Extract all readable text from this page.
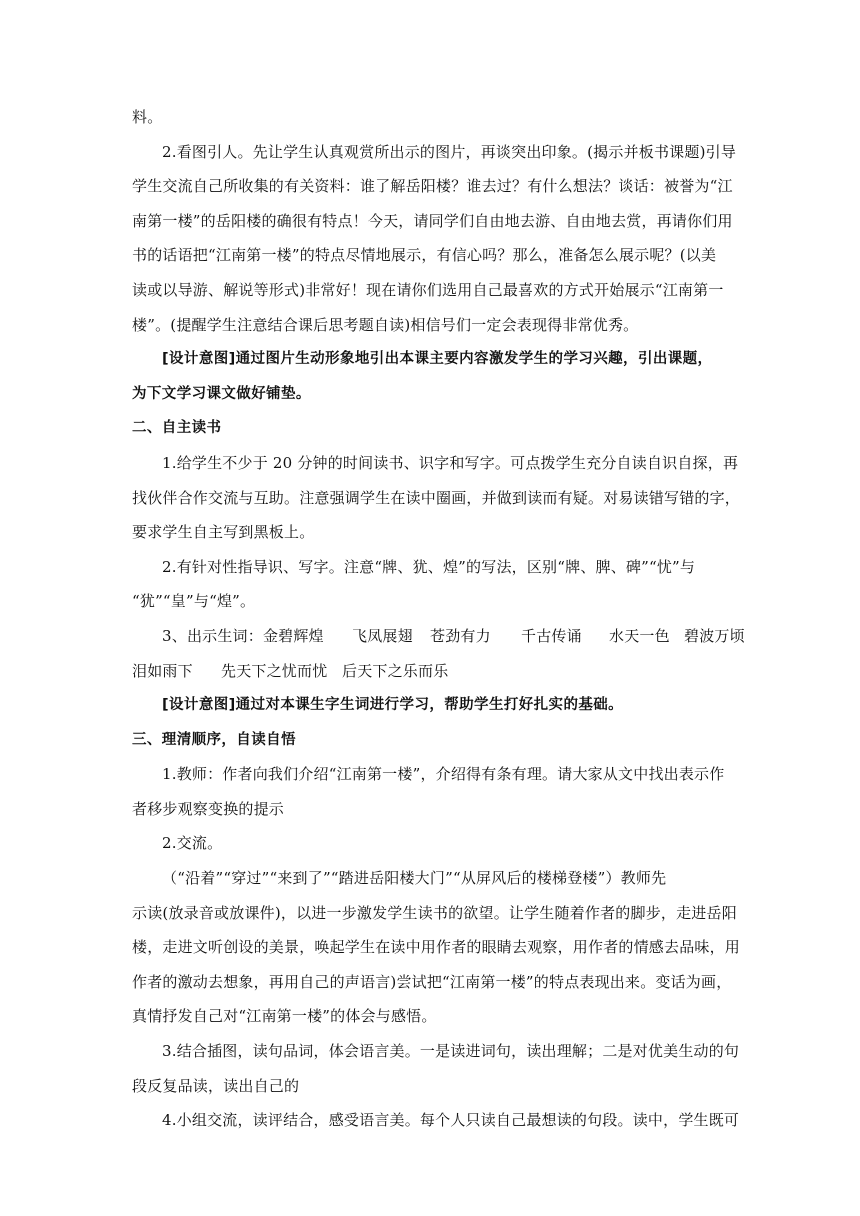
料。
2.看图引人。先让学生认真观赏所出示的图片，再谈突出印象。(揭示并板书课题)引导
学生交流自己所收集的有关资料：谁了解岳阳楼？谁去过？有什么想法？谈话：被誉为“江
南第一楼”的岳阳楼的确很有特点！今天，请同学们自由地去游、自由地去赏，再请你们用
书的话语把“江南第一楼”的特点尽情地展示，有信心吗？那么，准备怎么展示呢？(以美
读或以导游、解说等形式)非常好！现在请你们选用自己最喜欢的方式开始展示“江南第一
楼”。(提醒学生注意结合课后思考题自读)相信号们一定会表现得非常优秀。
[设计意图]通过图片生动形象地引出本课主要内容激发学生的学习兴趣，引出课题，
为下文学习课文做好铺垫。
二、自主读书
1.给学生不少于 20 分钟的时间读书、识字和写字。可点拨学生充分自读自识自探，再
找伙伴合作交流与互助。注意强调学生在读中圈画，并做到读而有疑。对易读错写错的字，
要求学生自主写到黑板上。
2.有针对性指导识、写字。注意“牌、犹、煌”的写法，区别“牌、脾、碑”“忧”与
“犹”“皇”与“煌”。
3、出示生词：金碧辉煌 飞凤展翅 苍劲有力 千古传诵 水天一色 碧波万顷
泪如雨下 先天下之忧而忧 后天下之乐而乐
[设计意图]通过对本课生字生词进行学习，帮助学生打好扎实的基础。
三、理清顺序，自读自悟
1.教师：作者向我们介绍“江南第一楼”，介绍得有条有理。请大家从文中找出表示作
者移步观察变换的提示
2.交流。
（“沿着”“穿过”“来到了”“踏进岳阳楼大门”“从屏风后的楼梯登楼”）教师先
示读(放录音或放课件)，以进一步激发学生读书的欲望。让学生随着作者的脚步，走进岳阳
楼，走进文听创设的美景，唤起学生在读中用作者的眼睛去观察，用作者的情感去品味，用
作者的激动去想象，再用自己的声语言)尝试把“江南第一楼”的特点表现出来。变话为画，
真情抒发自己对“江南第一楼”的体会与感悟。
3.结合插图，读句品词，体会语言美。一是读进词句，读出理解；二是对优美生动的句
段反复品读，读出自己的
4.小组交流，读评结合，感受语言美。每个人只读自己最想读的句段。读中，学生既可
